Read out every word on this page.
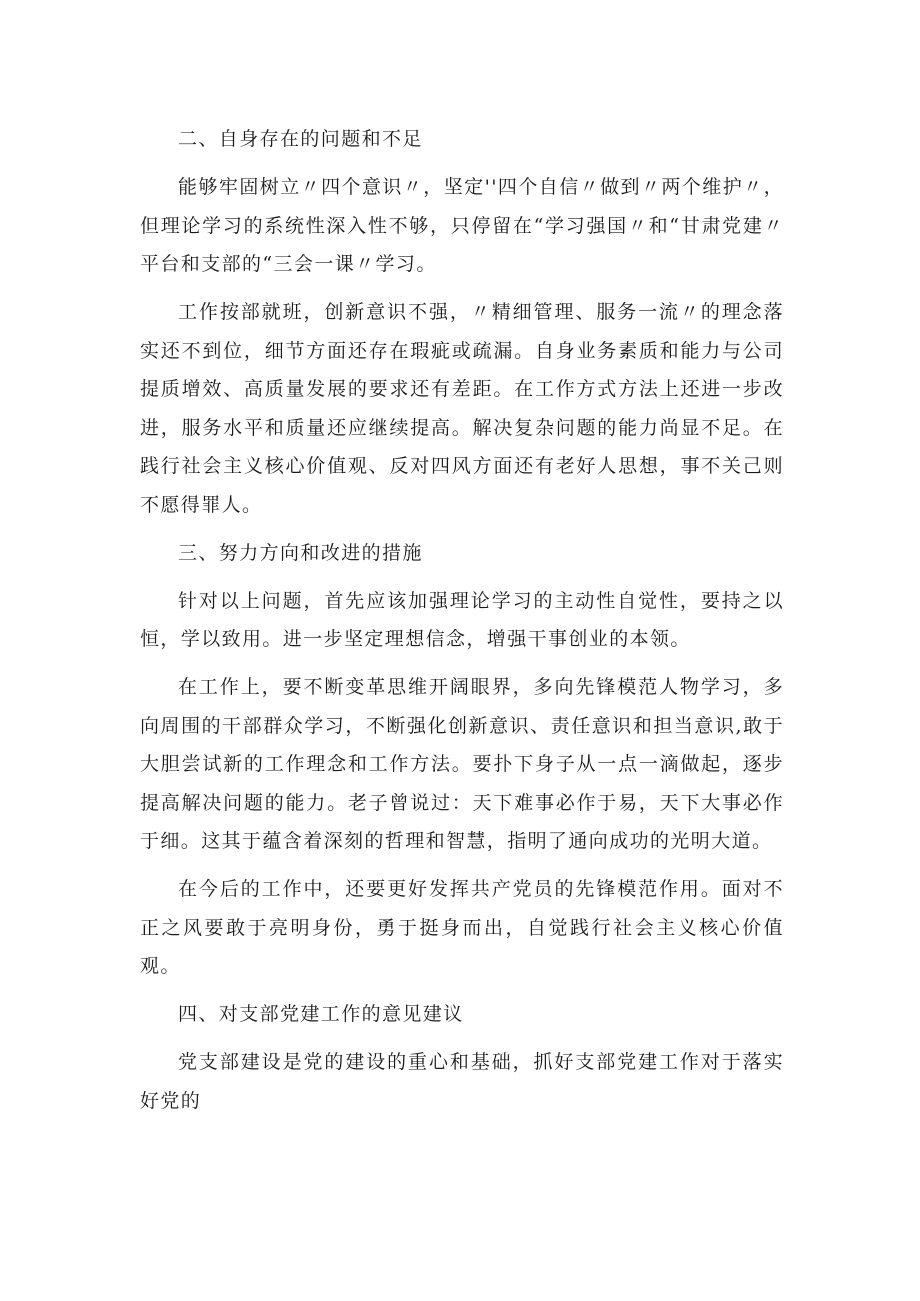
二、自身存在的问题和不足

能够牢固树立〃四个意识〃，坚定''四个自信〃做到〃两个维护〃，但理论学习的系统性深入性不够，只停留在“学习强国〃和“甘肃党建〃平台和支部的“三会一课〃学习。

工作按部就班，创新意识不强，〃精细管理、服务一流〃的理念落实还不到位，细节方面还存在瑕疵或疏漏。自身业务素质和能力与公司提质增效、高质量发展的要求还有差距。在工作方式方法上还进一步改进，服务水平和质量还应继续提高。解决复杂问题的能力尚显不足。在践行社会主义核心价值观、反对四风方面还有老好人思想，事不关己则不愿得罪人。

三、努力方向和改进的措施

针对以上问题，首先应该加强理论学习的主动性自觉性，要持之以恒，学以致用。进一步坚定理想信念，增强干事创业的本领。

在工作上，要不断变革思维开阔眼界，多向先锋模范人物学习，多向周围的干部群众学习，不断强化创新意识、责任意识和担当意识,敢于大胆尝试新的工作理念和工作方法。要扑下身子从一点一滴做起，逐步提高解决问题的能力。老子曾说过：天下难事必作于易，天下大事必作于细。这其于蕴含着深刻的哲理和智慧，指明了通向成功的光明大道。

在今后的工作中，还要更好发挥共产党员的先锋模范作用。面对不正之风要敢于亮明身份，勇于挺身而出，自觉践行社会主义核心价值观。

四、对支部党建工作的意见建议

党支部建设是党的建设的重心和基础，抓好支部党建工作对于落实好党的
